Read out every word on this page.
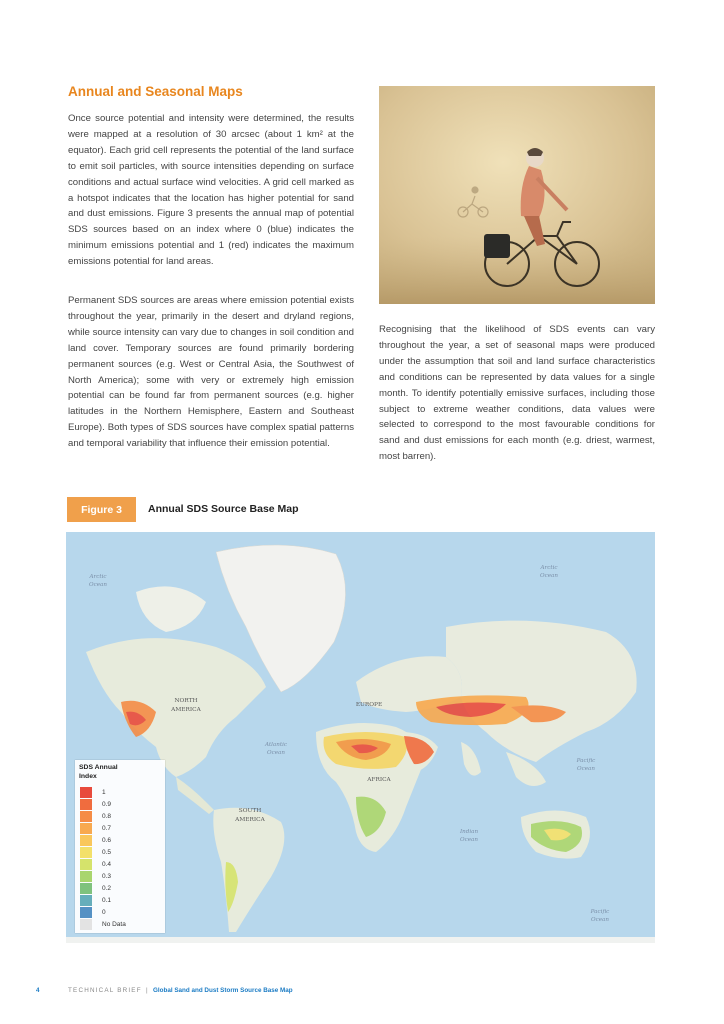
Annual and Seasonal Maps

Once source potential and intensity were determined, the results were mapped at a resolution of 30 arcsec (about 1 km² at the equator). Each grid cell represents the potential of the land surface to emit soil particles, with source intensities depending on surface conditions and actual surface wind velocities. A grid cell marked as a hotspot indicates that the location has higher potential for sand and dust emissions. Figure 3 presents the annual map of potential SDS sources based on an index where 0 (blue) indicates the minimum emissions potential and 1 (red) indicates the maximum emissions potential for land areas.

Permanent SDS sources are areas where emission potential exists throughout the year, primarily in the desert and dryland regions, while source intensity can vary due to changes in soil condition and land cover. Temporary sources are found primarily bordering permanent sources (e.g. West or Central Asia, the Southwest of North America); some with very or extremely high emission potential can be found far from permanent sources (e.g. higher latitudes in the Northern Hemisphere, Eastern and Southeast Europe). Both types of SDS sources have complex spatial patterns and temporal variability that influence their emission potential.

Recognising that the likelihood of SDS events can vary throughout the year, a set of seasonal maps were produced under the assumption that soil and land surface characteristics and conditions can be represented by data values for a single month. To identify potentially emissive surfaces, including those subject to extreme weather conditions, data values were selected to correspond to the most favourable conditions for sand and dust emissions for each month (e.g. driest, warmest, most barren).

Figure 3	Annual SDS Source Base Map
Arctic
Ocean
Arctic
Ocean
Atlantic
Ocean
Pacific
Ocean
Indian
Ocean
Pacific
Ocean
NORTH
AMERICA
EUROPE
AFRICA
SOUTH
AMERICA
SDS Annual
Index
1
0.9
0.8
0.7
0.6
0.5
0.4
0.3
0.2
0.1
0
No Data
4	TECHNICAL BRIEF | Global Sand and Dust Storm Source Base Map
